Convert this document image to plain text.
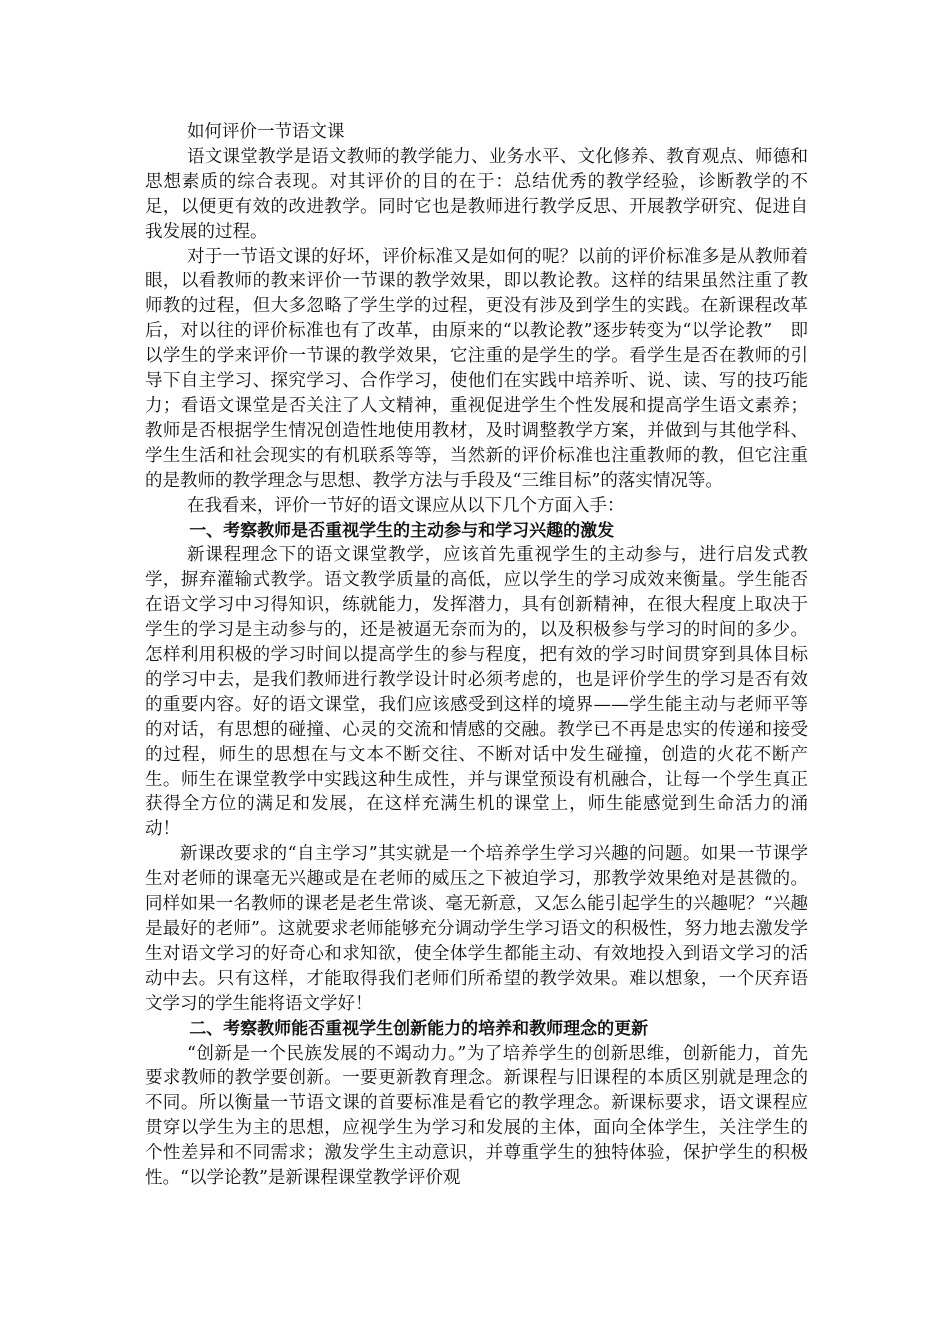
如何评价一节语文课

语文课堂教学是语文教师的教学能力、业务水平、文化修养、教育观点、师德和思想素质的综合表现。对其评价的目的在于：总结优秀的教学经验，诊断教学的不足，以便更有效的改进教学。同时它也是教师进行教学反思、开展教学研究、促进自我发展的过程。

对于一节语文课的好坏，评价标准又是如何的呢？以前的评价标准多是从教师着眼，以看教师的教来评价一节课的教学效果，即以教论教。这样的结果虽然注重了教师教的过程，但大多忽略了学生学的过程，更没有涉及到学生的实践。在新课程改革后，对以往的评价标准也有了改革，由原来的“以教论教”逐步转变为“以学论教”　即以学生的学来评价一节课的教学效果，它注重的是学生的学。看学生是否在教师的引导下自主学习、探究学习、合作学习，使他们在实践中培养听、说、读、写的技巧能力；看语文课堂是否关注了人文精神，重视促进学生个性发展和提高学生语文素养；教师是否根据学生情况创造性地使用教材，及时调整教学方案，并做到与其他学科、学生生活和社会现实的有机联系等等，当然新的评价标准也注重教师的教，但它注重的是教师的教学理念与思想、教学方法与手段及“三维目标”的落实情况等。

在我看来，评价一节好的语文课应从以下几个方面入手：

一、考察教师是否重视学生的主动参与和学习兴趣的激发

新课程理念下的语文课堂教学，应该首先重视学生的主动参与，进行启发式教学，摒弃灌输式教学。语文教学质量的高低，应以学生的学习成效来衡量。学生能否在语文学习中习得知识，练就能力，发挥潜力，具有创新精神，在很大程度上取决于学生的学习是主动参与的，还是被逼无奈而为的，以及积极参与学习的时间的多少。怎样利用积极的学习时间以提高学生的参与程度，把有效的学习时间贯穿到具体目标的学习中去，是我们教师进行教学设计时必须考虑的，也是评价学生的学习是否有效的重要内容。好的语文课堂，我们应该感受到这样的境界——学生能主动与老师平等的对话，有思想的碰撞、心灵的交流和情感的交融。教学已不再是忠实的传递和接受的过程，师生的思想在与文本不断交往、不断对话中发生碰撞，创造的火花不断产生。师生在课堂教学中实践这种生成性，并与课堂预设有机融合，让每一个学生真正获得全方位的满足和发展，在这样充满生机的课堂上，师生能感觉到生命活力的涌动！

新课改要求的“自主学习”其实就是一个培养学生学习兴趣的问题。如果一节课学生对老师的课毫无兴趣或是在老师的威压之下被迫学习，那教学效果绝对是甚微的。同样如果一名教师的课老是老生常谈、毫无新意，又怎么能引起学生的兴趣呢？“兴趣是最好的老师”。这就要求老师能够充分调动学生学习语文的积极性，努力地去激发学生对语文学习的好奇心和求知欲，使全体学生都能主动、有效地投入到语文学习的活动中去。只有这样，才能取得我们老师们所希望的教学效果。难以想象，一个厌弃语文学习的学生能将语文学好！

二、考察教师能否重视学生创新能力的培养和教师理念的更新

“创新是一个民族发展的不竭动力。”为了培养学生的创新思维，创新能力，首先要求教师的教学要创新。一要更新教育理念。新课程与旧课程的本质区别就是理念的不同。所以衡量一节语文课的首要标准是看它的教学理念。新课标要求，语文课程应贯穿以学生为主的思想，应视学生为学习和发展的主体，面向全体学生，关注学生的个性差异和不同需求；激发学生主动意识，并尊重学生的独特体验，保护学生的积极性。“以学论教”是新课程课堂教学评价观
